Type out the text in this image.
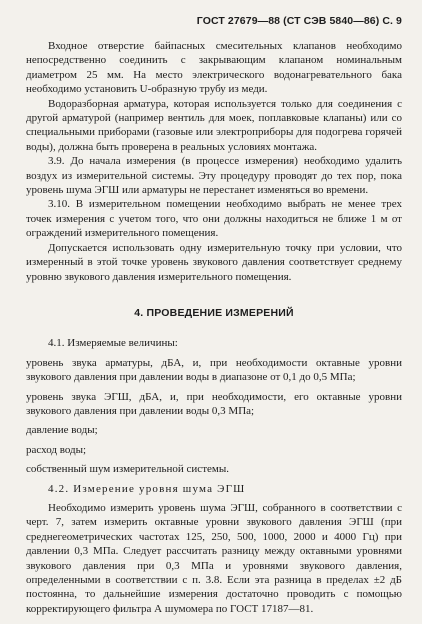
ГОСТ 27679—88 (СТ СЭВ 5840—86) С. 9

Входное отверстие байпасных смесительных клапанов необходимо непосредственно соединить с закрывающим клапаном номинальным диаметром 25 мм. На место электрического водонагревательного бака необходимо установить U-образную трубу из меди.

Водоразборная арматура, которая используется только для соединения с другой арматурой (например вентиль для моек, поплавковые клапаны) или со специальными приборами (газовые или электроприборы для подогрева горячей воды), должна быть проверена в реальных условиях монтажа.

3.9. До начала измерения (в процессе измерения) необходимо удалить воздух из измерительной системы. Эту процедуру проводят до тех пор, пока уровень шума ЭГШ или арматуры не перестанет изменяться во времени.

3.10. В измерительном помещении необходимо выбрать не менее трех точек измерения с учетом того, что они должны находиться не ближе 1 м от ограждений измерительного помещения.

Допускается использовать одну измерительную точку при условии, что измеренный в этой точке уровень звукового давления соответствует среднему уровню звукового давления измерительного помещения.

4. ПРОВЕДЕНИЕ ИЗМЕРЕНИЙ

4.1. Измеряемые величины:

уровень звука арматуры, дБА, и, при необходимости октавные уровни звукового давления при давлении воды в диапазоне от 0,1 до 0,5 МПа;

уровень звука ЭГШ, дБА, и, при необходимости, его октавные уровни звукового давления при давлении воды 0,3 МПа;

давление воды;

расход воды;

собственный шум измерительной системы.

4.2. Измерение уровня шума ЭГШ

Необходимо измерить уровень шума ЭГШ, собранного в соответствии с черт. 7, затем измерить октавные уровни звукового давления ЭГШ (при среднегеометрических частотах 125, 250, 500, 1000, 2000 и 4000 Гц) при давлении 0,3 МПа. Следует рассчитать разницу между октавными уровнями звукового давления при 0,3 МПа и уровнями звукового давления, определенными в соответствии с п. 3.8. Если эта разница в пределах ±2 дБ постоянна, то дальнейшие измерения достаточно проводить с помощью корректирующего фильтра А шумомера по ГОСТ 17187—81.
